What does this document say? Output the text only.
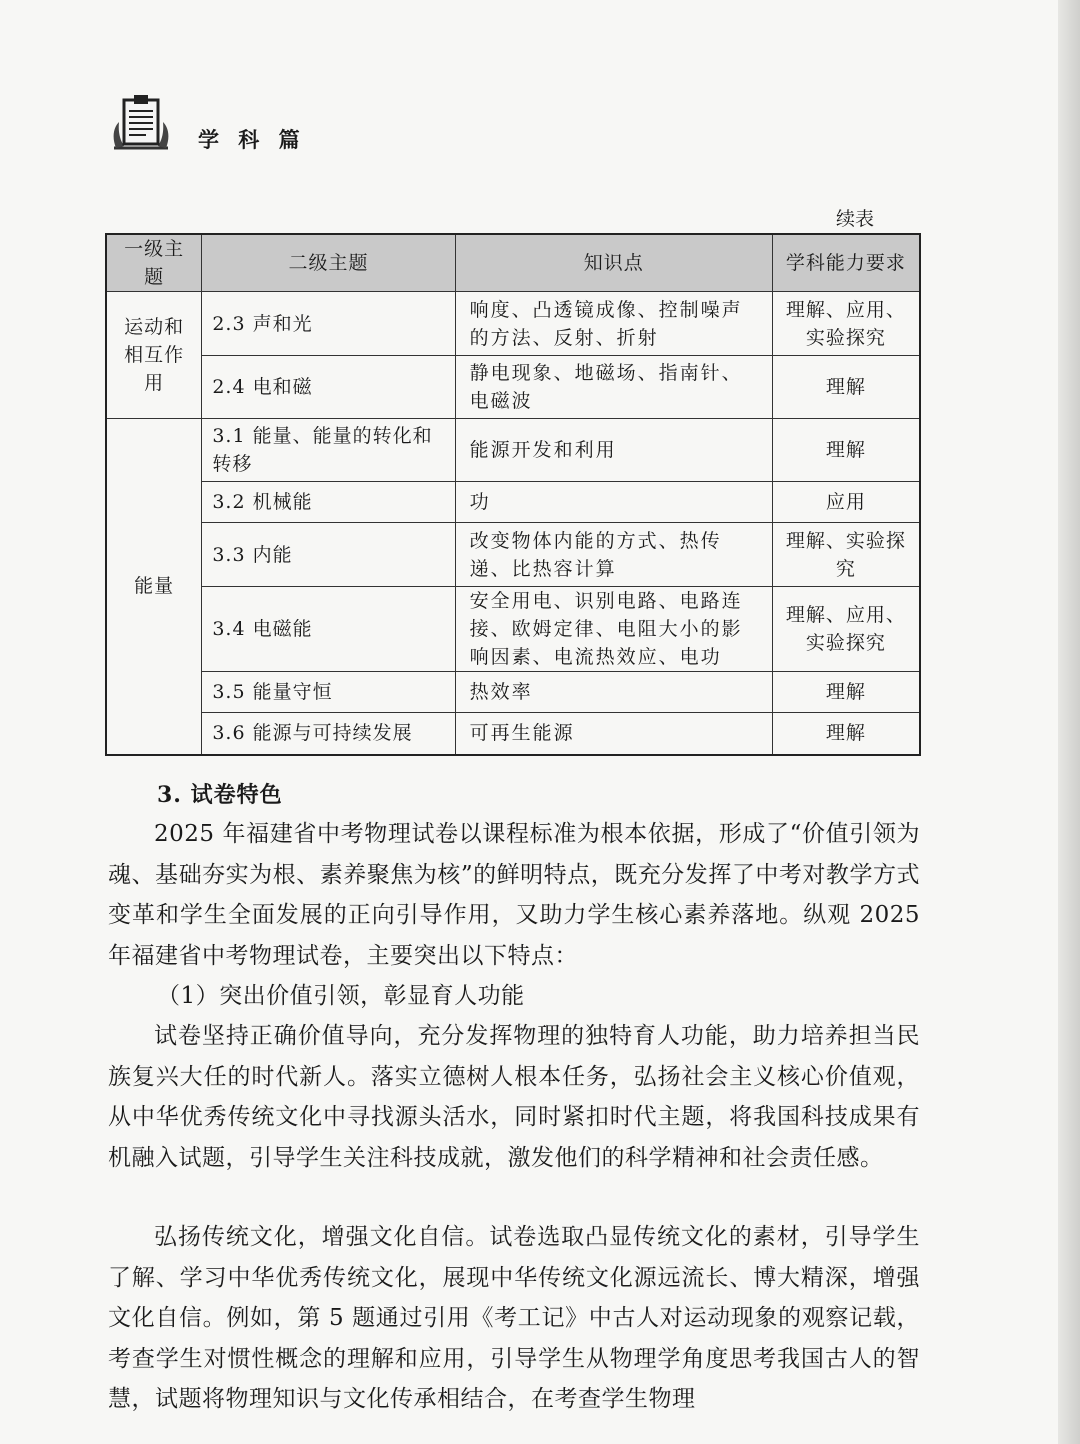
学 科 篇
续表
一级主题	二级主题	知识点	学科能力要求
运动和相互作用	2.3 声和光	响度、凸透镜成像、控制噪声的方法、反射、折射	理解、应用、实验探究
	2.4 电和磁	静电现象、地磁场、指南针、电磁波	理解
能量	3.1 能量、能量的转化和转移	能源开发和利用	理解
	3.2 机械能	功	应用
	3.3 内能	改变物体内能的方式、热传递、比热容计算	理解、实验探究
	3.4 电磁能	安全用电、识别电路、电路连接、欧姆定律、电阻大小的影响因素、电流热效应、电功	理解、应用、实验探究
	3.5 能量守恒	热效率	理解
	3.6 能源与可持续发展	可再生能源	理解
3. 试卷特色

2025 年福建省中考物理试卷以课程标准为根本依据，形成了“价值引领为魂、基础夯实为根、素养聚焦为核”的鲜明特点，既充分发挥了中考对教学方式变革和学生全面发展的正向引导作用，又助力学生核心素养落地。纵观 2025 年福建省中考物理试卷，主要突出以下特点：

（1）突出价值引领，彰显育人功能

试卷坚持正确价值导向，充分发挥物理的独特育人功能，助力培养担当民族复兴大任的时代新人。落实立德树人根本任务，弘扬社会主义核心价值观，从中华优秀传统文化中寻找源头活水，同时紧扣时代主题，将我国科技成果有机融入试题，引导学生关注科技成就，激发他们的科学精神和社会责任感。

弘扬传统文化，增强文化自信。试卷选取凸显传统文化的素材，引导学生了解、学习中华优秀传统文化，展现中华传统文化源远流长、博大精深，增强文化自信。例如，第 5 题通过引用《考工记》中古人对运动现象的观察记载，考查学生对惯性概念的理解和应用，引导学生从物理学角度思考我国古人的智慧，试题将物理知识与文化传承相结合，在考查学生物理
